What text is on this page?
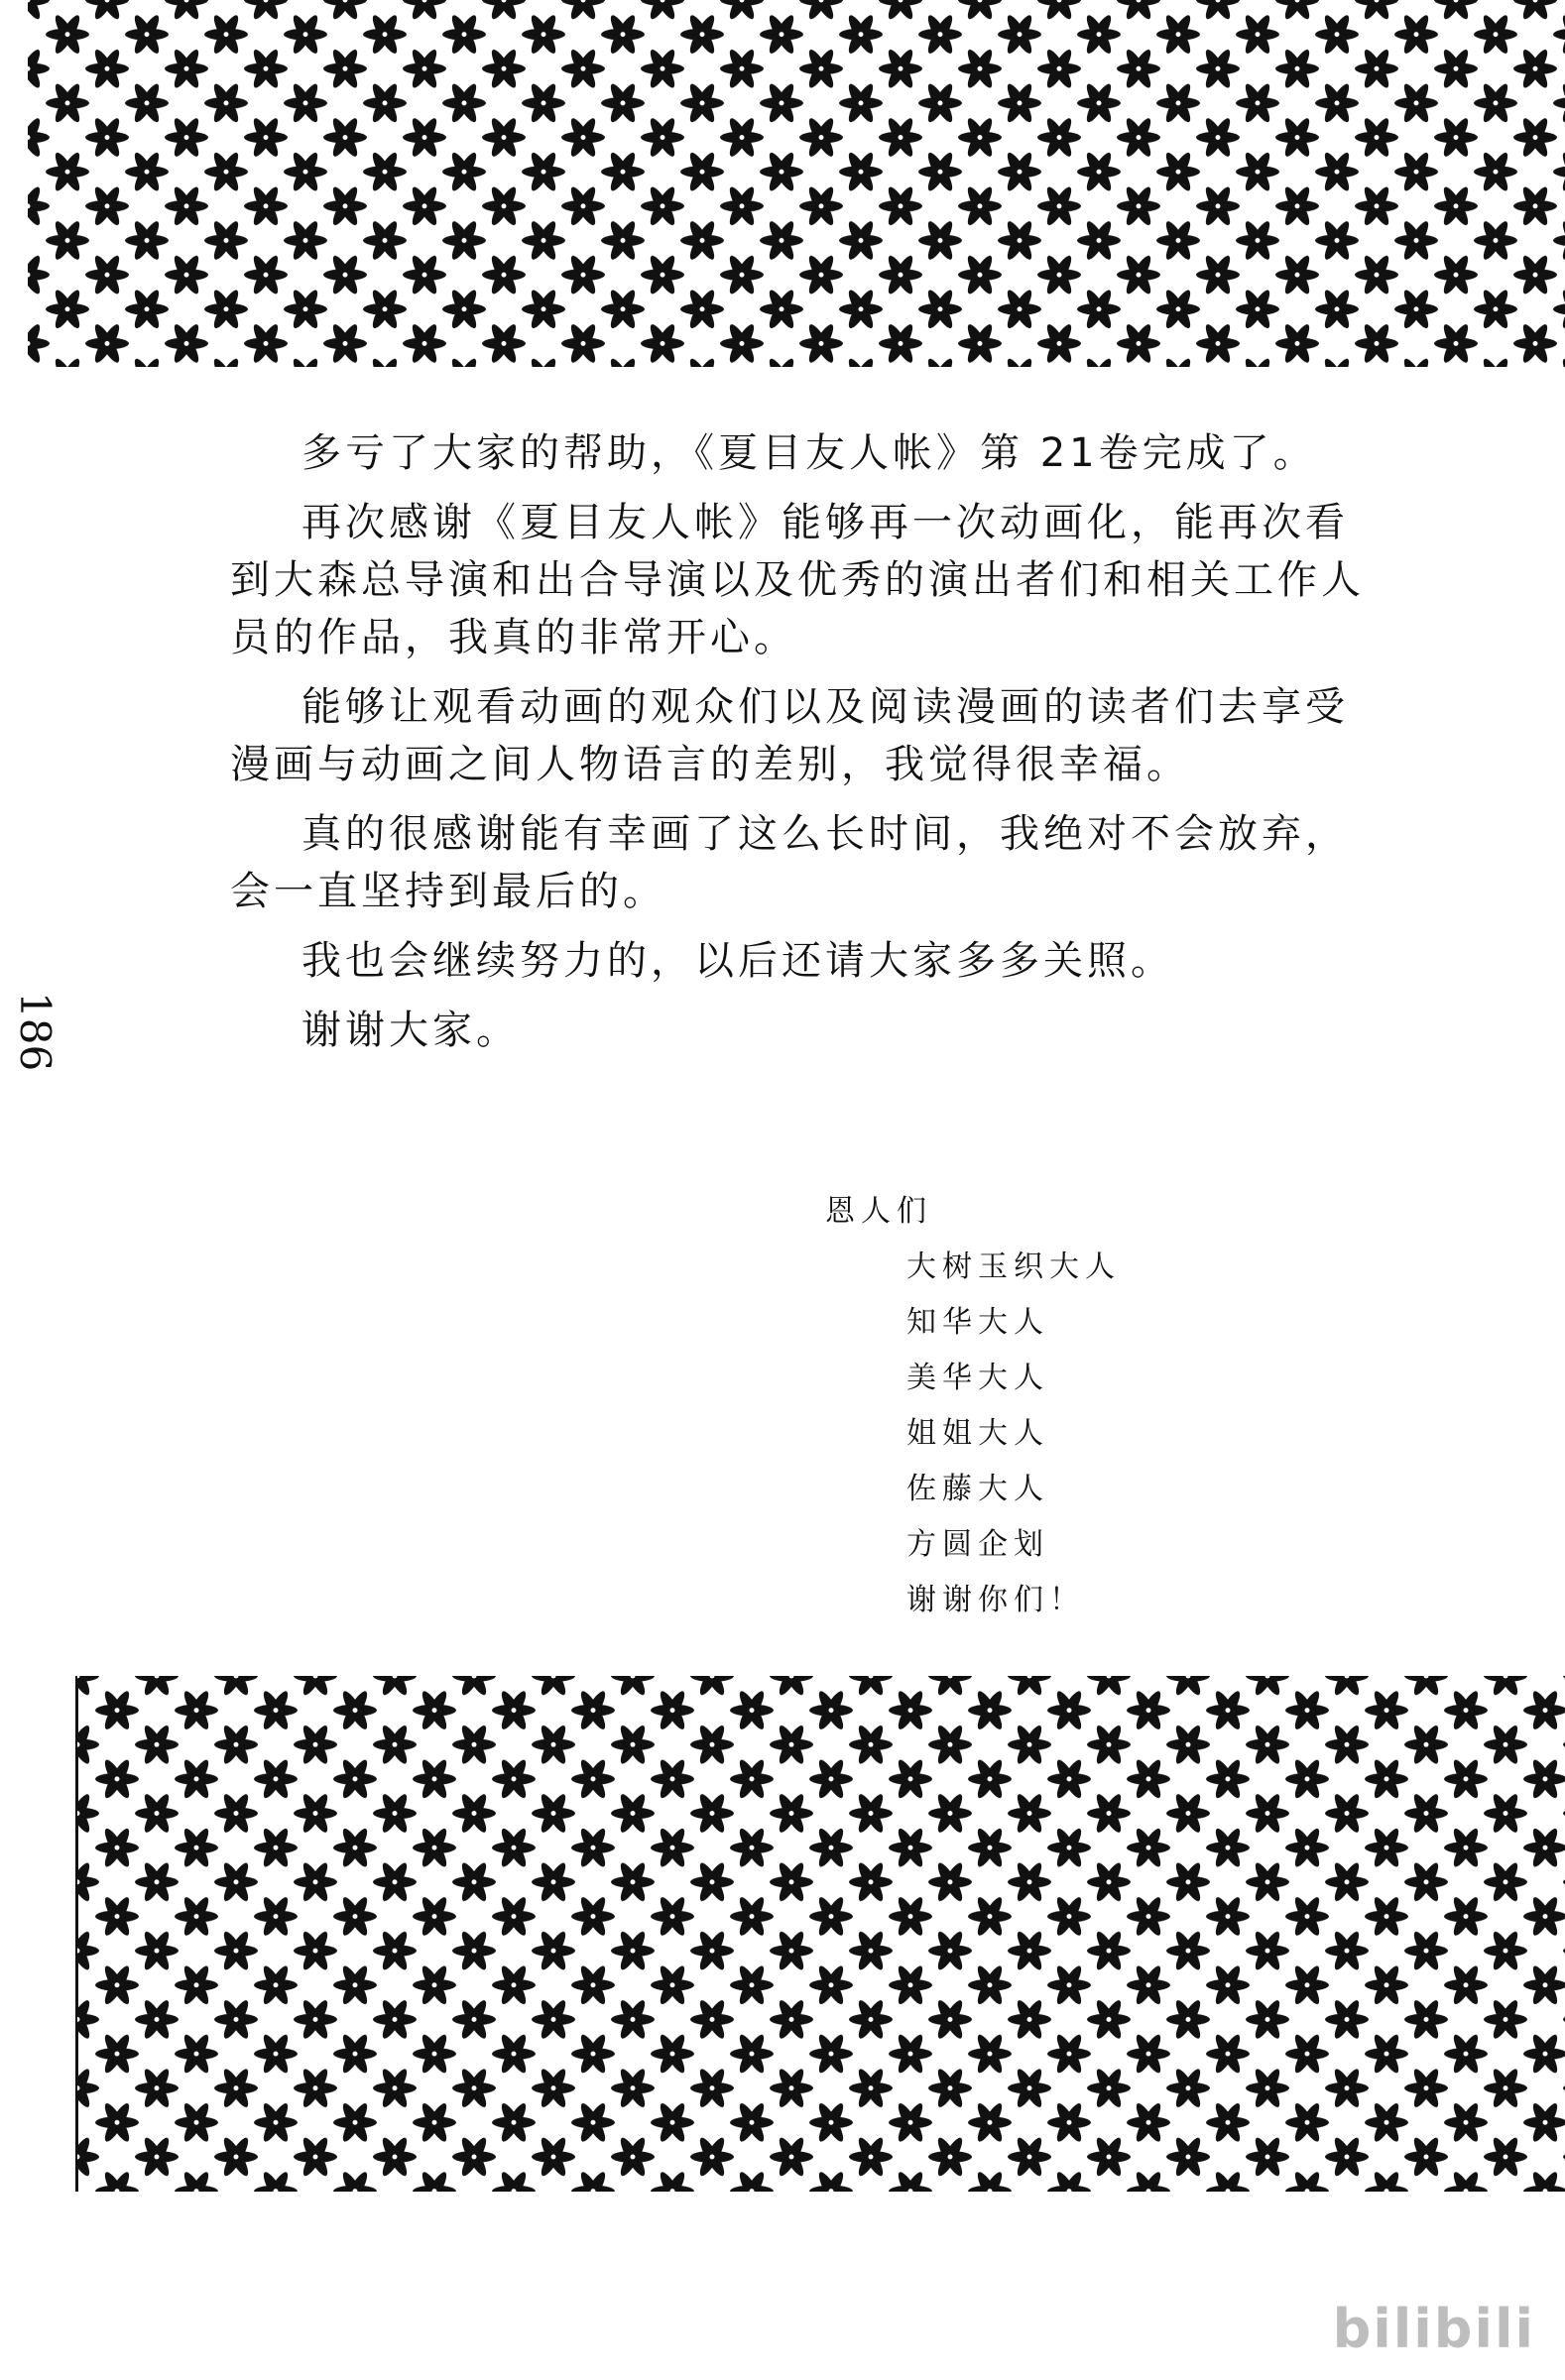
多亏了大家的帮助，《夏目友人帐》第 21卷完成了。

再次感谢《夏目友人帐》能够再一次动画化，能再次看到大森总导演和出合导演以及优秀的演出者们和相关工作人员的作品，我真的非常开心。

能够让观看动画的观众们以及阅读漫画的读者们去享受漫画与动画之间人物语言的差别，我觉得很幸福。

真的很感谢能有幸画了这么长时间，我绝对不会放弃，会一直坚持到最后的。

我也会继续努力的，以后还请大家多多关照。

谢谢大家。

186
恩人们
大树玉织大人
知华大人
美华大人
姐姐大人
佐藤大人
方圆企划
谢谢你们！
bilibili
